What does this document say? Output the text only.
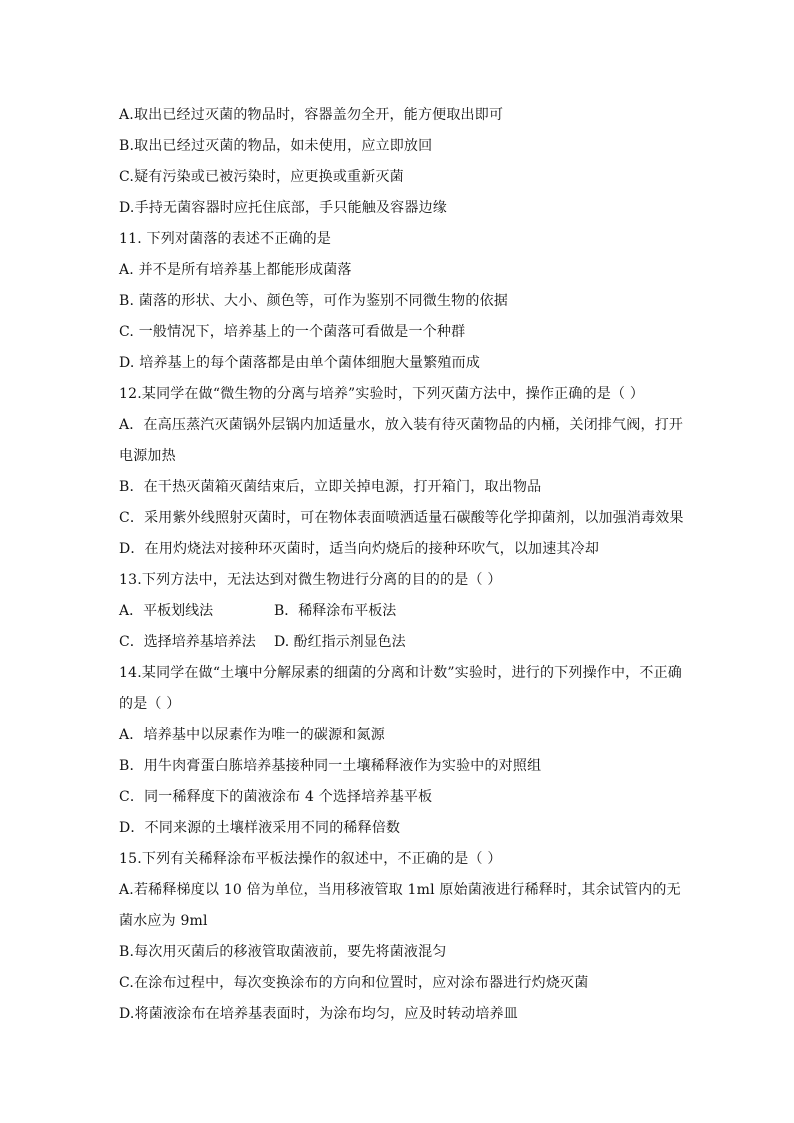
A.取出已经过灭菌的物品时，容器盖勿全开，能方便取出即可
B.取出已经过灭菌的物品，如未使用，应立即放回
C.疑有污染或已被污染时，应更换或重新灭菌
D.手持无菌容器时应托住底部，手只能触及容器边缘
11. 下列对菌落的表述不正确的是
A. 并不是所有培养基上都能形成菌落
B. 菌落的形状、大小、颜色等，可作为鉴别不同微生物的依据
C. 一般情况下，培养基上的一个菌落可看做是一个种群
D. 培养基上的每个菌落都是由单个菌体细胞大量繁殖而成
12.某同学在做“微生物的分离与培养”实验时，下列灭菌方法中，操作正确的是（ ）
A．在高压蒸汽灭菌锅外层锅内加适量水，放入装有待灭菌物品的内桶，关闭排气阀，打开
电源加热
B．在干热灭菌箱灭菌结束后，立即关掉电源，打开箱门，取出物品
C．采用紫外线照射灭菌时，可在物体表面喷洒适量石碳酸等化学抑菌剂，以加强消毒效果
D．在用灼烧法对接种环灭菌时，适当向灼烧后的接种环吹气，以加速其冷却
13.下列方法中，无法达到对微生物进行分离的目的的是（ ）
A．平板划线法	B．稀释涂布平板法
C．选择培养基培养法	D. 酚红指示剂显色法
14.某同学在做“土壤中分解尿素的细菌的分离和计数”实验时，进行的下列操作中，不正确
的是（ ）
A．培养基中以尿素作为唯一的碳源和氮源
B．用牛肉膏蛋白胨培养基接种同一土壤稀释液作为实验中的对照组
C．同一稀释度下的菌液涂布 4 个选择培养基平板
D．不同来源的土壤样液采用不同的稀释倍数
15.下列有关稀释涂布平板法操作的叙述中，不正确的是（ ）
A.若稀释梯度以 10 倍为单位，当用移液管取 1ml 原始菌液进行稀释时，其余试管内的无
菌水应为 9ml
B.每次用灭菌后的移液管取菌液前，要先将菌液混匀
C.在涂布过程中，每次变换涂布的方向和位置时，应对涂布器进行灼烧灭菌
D.将菌液涂布在培养基表面时，为涂布均匀，应及时转动培养皿
